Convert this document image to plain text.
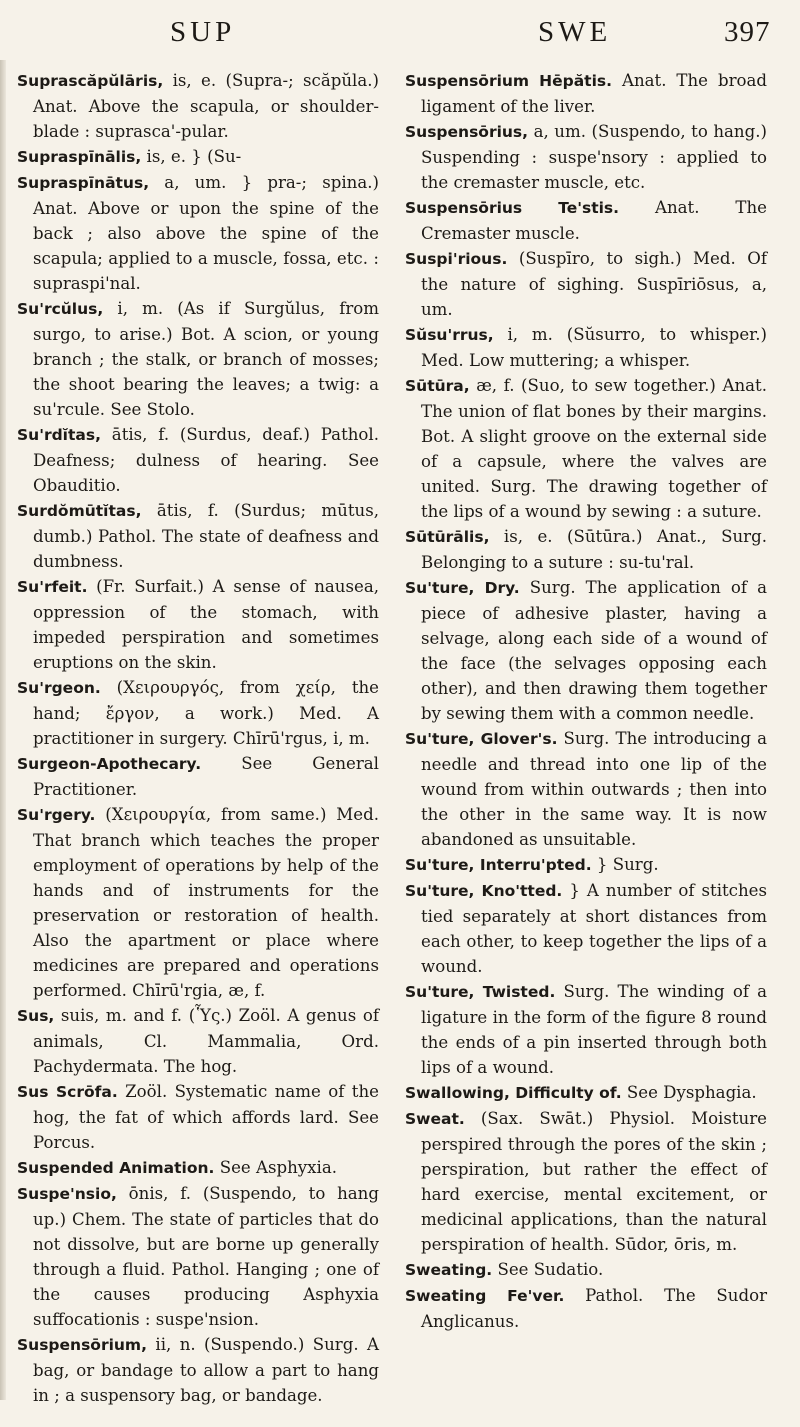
SUP	SWE	397

Suprascăpŭlāris, is, e. (Supra-; scăpŭla.) Anat. Above the scapula, or shoulder-blade : suprasca'-pular.

Supraspīnālis, is, e. } (Su-

Supraspīnātus, a, um. } pra-; spina.) Anat. Above or upon the spine of the back ; also above the spine of the scapula; applied to a muscle, fossa, etc. : supraspi'nal.

Su'rcŭlus, i, m. (As if Surgŭlus, from surgo, to arise.) Bot. A scion, or young branch ; the stalk, or branch of mosses; the shoot bearing the leaves; a twig: a su'rcule. See Stolo.

Su'rdĭtas, ātis, f. (Surdus, deaf.) Pathol. Deafness; dulness of hearing. See Obauditio.

Surdŏmūtĭtas, ātis, f. (Surdus; mūtus, dumb.) Pathol. The state of deafness and dumbness.

Su'rfeit. (Fr. Surfait.) A sense of nausea, oppression of the stomach, with impeded perspiration and sometimes eruptions on the skin.

Su'rgeon. (Χειρουργός, from χείρ, the hand; ἔργον, a work.) Med. A practitioner in surgery. Chīrū'rgus, i, m.

Surgeon-Apothecary. See General Practitioner.

Su'rgery. (Χειρουργία, from same.) Med. That branch which teaches the proper employment of operations by help of the hands and of instruments for the preservation or restoration of health. Also the apartment or place where medicines are prepared and operations performed. Chīrū'rgia, æ, f.

Sus, suis, m. and f. (Ὗς.) Zoöl. A genus of animals, Cl. Mammalia, Ord. Pachydermata. The hog.

Sus Scrōfa. Zoöl. Systematic name of the hog, the fat of which affords lard. See Porcus.

Suspended Animation. See Asphyxia.

Suspe'nsio, ōnis, f. (Suspendo, to hang up.) Chem. The state of particles that do not dissolve, but are borne up generally through a fluid. Pathol. Hanging ; one of the causes producing Asphyxia suffocationis : suspe'nsion.

Suspensōrium, ii, n. (Suspendo.) Surg. A bag, or bandage to allow a part to hang in ; a suspensory bag, or bandage.

Suspensōrium Hēpătis. Anat. The broad ligament of the liver.

Suspensōrius, a, um. (Suspendo, to hang.) Suspending : suspe'nsory : applied to the cremaster muscle, etc.

Suspensōrius Te'stis. Anat. The Cremaster muscle.

Suspi'rious. (Suspīro, to sigh.) Med. Of the nature of sighing. Suspīriōsus, a, um.

Sŭsu'rrus, i, m. (Sŭsurro, to whisper.) Med. Low muttering; a whisper.

Sūtūra, æ, f. (Suo, to sew together.) Anat. The union of flat bones by their margins. Bot. A slight groove on the external side of a capsule, where the valves are united. Surg. The drawing together of the lips of a wound by sewing : a suture.

Sūtūrālis, is, e. (Sūtūra.) Anat., Surg. Belonging to a suture : su-tu'ral.

Su'ture, Dry. Surg. The application of a piece of adhesive plaster, having a selvage, along each side of a wound of the face (the selvages opposing each other), and then drawing them together by sewing them with a common needle.

Su'ture, Glover's. Surg. The introducing a needle and thread into one lip of the wound from within outwards ; then into the other in the same way. It is now abandoned as unsuitable.

Su'ture, Interru'pted. } Surg.

Su'ture, Kno'tted. } A number of stitches tied separately at short distances from each other, to keep together the lips of a wound.

Su'ture, Twisted. Surg. The winding of a ligature in the form of the figure 8 round the ends of a pin inserted through both lips of a wound.

Swallowing, Difficulty of. See Dysphagia.

Sweat. (Sax. Swāt.) Physiol. Moisture perspired through the pores of the skin ; perspiration, but rather the effect of hard exercise, mental excitement, or medicinal applications, than the natural perspiration of health. Sūdor, ōris, m.

Sweating. See Sudatio.

Sweating Fe'ver. Pathol. The Sudor Anglicanus.
